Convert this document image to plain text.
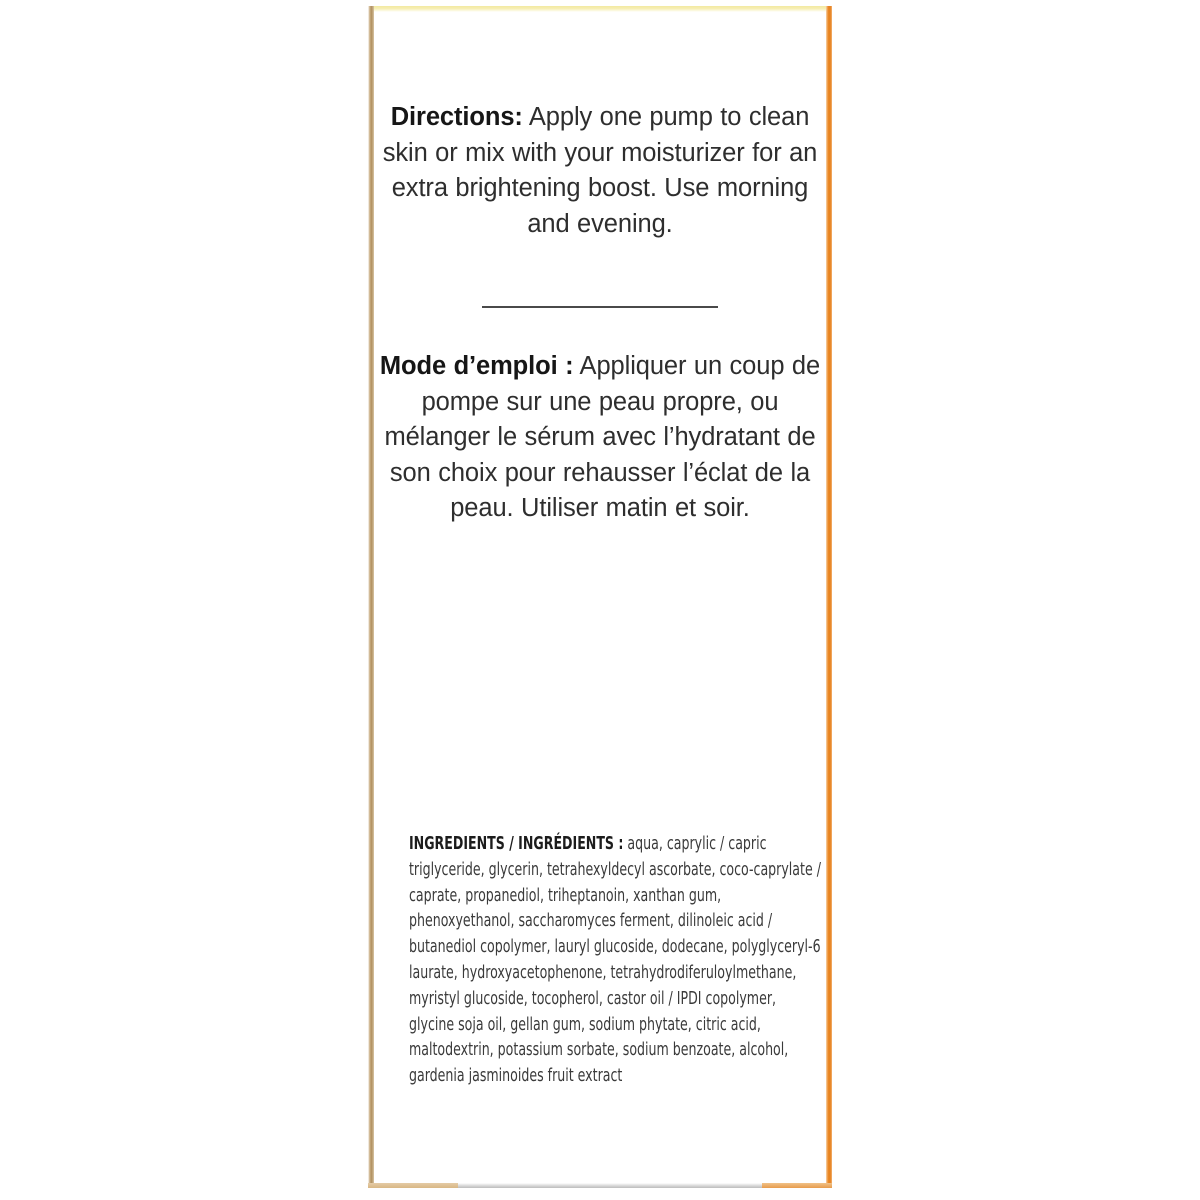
Directions: Apply one pump to clean skin or mix with your moisturizer for an extra brightening boost. Use morning and evening.
Mode d’emploi : Appliquer un coup de pompe sur une peau propre, ou mélanger le sérum avec l’hydratant de son choix pour rehausser l’éclat de la peau. Utiliser matin et soir.
INGREDIENTS / INGRÉDIENTS : aqua, caprylic / capric triglyceride, glycerin, tetrahexyldecyl ascorbate, coco-caprylate / caprate, propanediol, triheptanoin, xanthan gum, phenoxyethanol, saccharomyces ferment, dilinoleic acid / butanediol copolymer, lauryl glucoside, dodecane, polyglyceryl-6 laurate, hydroxyacetophenone, tetrahydrodiferuloylmethane, myristyl glucoside, tocopherol, castor oil / IPDI copolymer, glycine soja oil, gellan gum, sodium phytate, citric acid, maltodextrin, potassium sorbate, sodium benzoate, alcohol, gardenia jasminoides fruit extract
